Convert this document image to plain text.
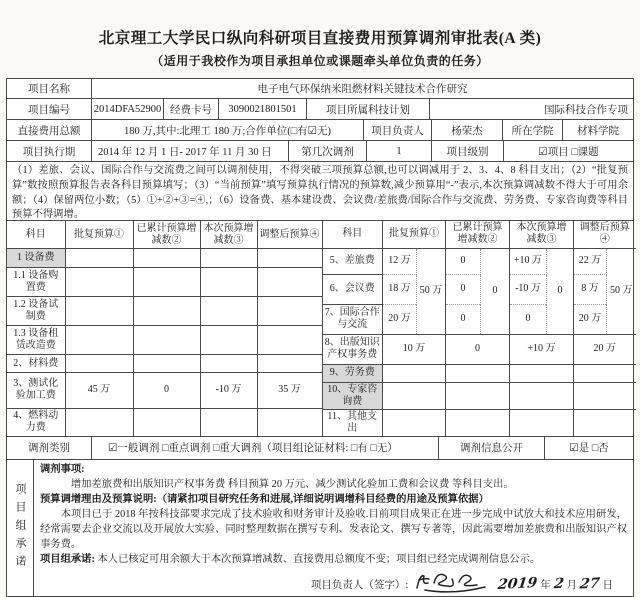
北京理工大学民口纵向科研项目直接费用预算调剂审批表(A 类)
（适用于我校作为项目承担单位或课题牵头单位负责的任务）
项目名称	电子电气环保纳米阻燃材料关键技术合作研究
项目编号	2014DFA52900 经费卡号	3090021801501	项目所属科技计划	国际科技合作专项
直接费用总额	180 万,其中:北理工 180 万;合作单位(□有☑无)	项目负责人	杨荣杰	所在学院	材料学院
项目执行期	2014 年 12 月 1 日- 2017 年 11 月 30 日	第几次调剂	1	项目级别	☑项目 □课题
（1）差旅、会议、国际合作与交流费之间可以调剂使用，不得突破三项预算总额,也可以调减用于 2、3、4、8 科目支出；（2）“批复预算”数按照预算报告表各科目预算填写；（3）“当前预算”填写预算执行情况的预算数,减少预算用“-”表示,本次预算调减数不得大于可用余额；（4）保留两位小数；（5）①+②+③=④,；（6）设备费、基本建设费、会议费/差旅费/国际合作与交流费、劳务费、专家咨询费等科目预算不得调增。
科目	批复预算①	已累计预算增减数②	本次预算增减数③	调整后预算④
1 设备费				
1.1 设备购置费				
1.2 设备试制费				
1.3 设备租赁改造费				
2、材料费				
3、测试化验加工费	45 万	0	-10 万	35 万
4、燃料动力费				
科目	批复预算①		已累计预算增减数②		本次预算增减数③		调整后预算④	
5、差旅费	12 万	50 万	0	0	+10 万	0	22 万	50 万
6、会议费	18 万		0		-10 万		8 万	
7、国际合作与交流	20 万		0		0		20 万	
8、出版知识产权事务费	10 万		0		+10 万		20 万	
9、劳务费								
10、专家咨询费								
11、其他支出								
调剂类别	☑一般调剂 □重点调剂 □重大调剂（项目组论证材料: □有 □无）	调剂信息公开	☑是 □否
项目组承诺
调剂事项:
增加差旅费和出版知识产权事务费 科目预算 20 万元、减少测试化验加工费和会议费 等科目支出。
预算调增理由及预算说明:（请紧扣项目研究任务和进展,详细说明调增科目经费的用途及预算依据）
本项目已于 2018 年按科技部要求完成了技术验收和财务审计及验收.目前项目成果正在进一步完成中试放大和技术应用研发，经常需要去企业交流以及开展放大实验、同时整理数据在撰写专利、发表论文、撰写专著等，因此需要增加差旅费和出版知识产权事务费。
项目组承诺: 本人已核定可用余额大于本次预算增减数、直接费用总额度不变；项目组已经完成调剂信息公示。
项目负责人（签字）:	2019 年 2 月 27 日
